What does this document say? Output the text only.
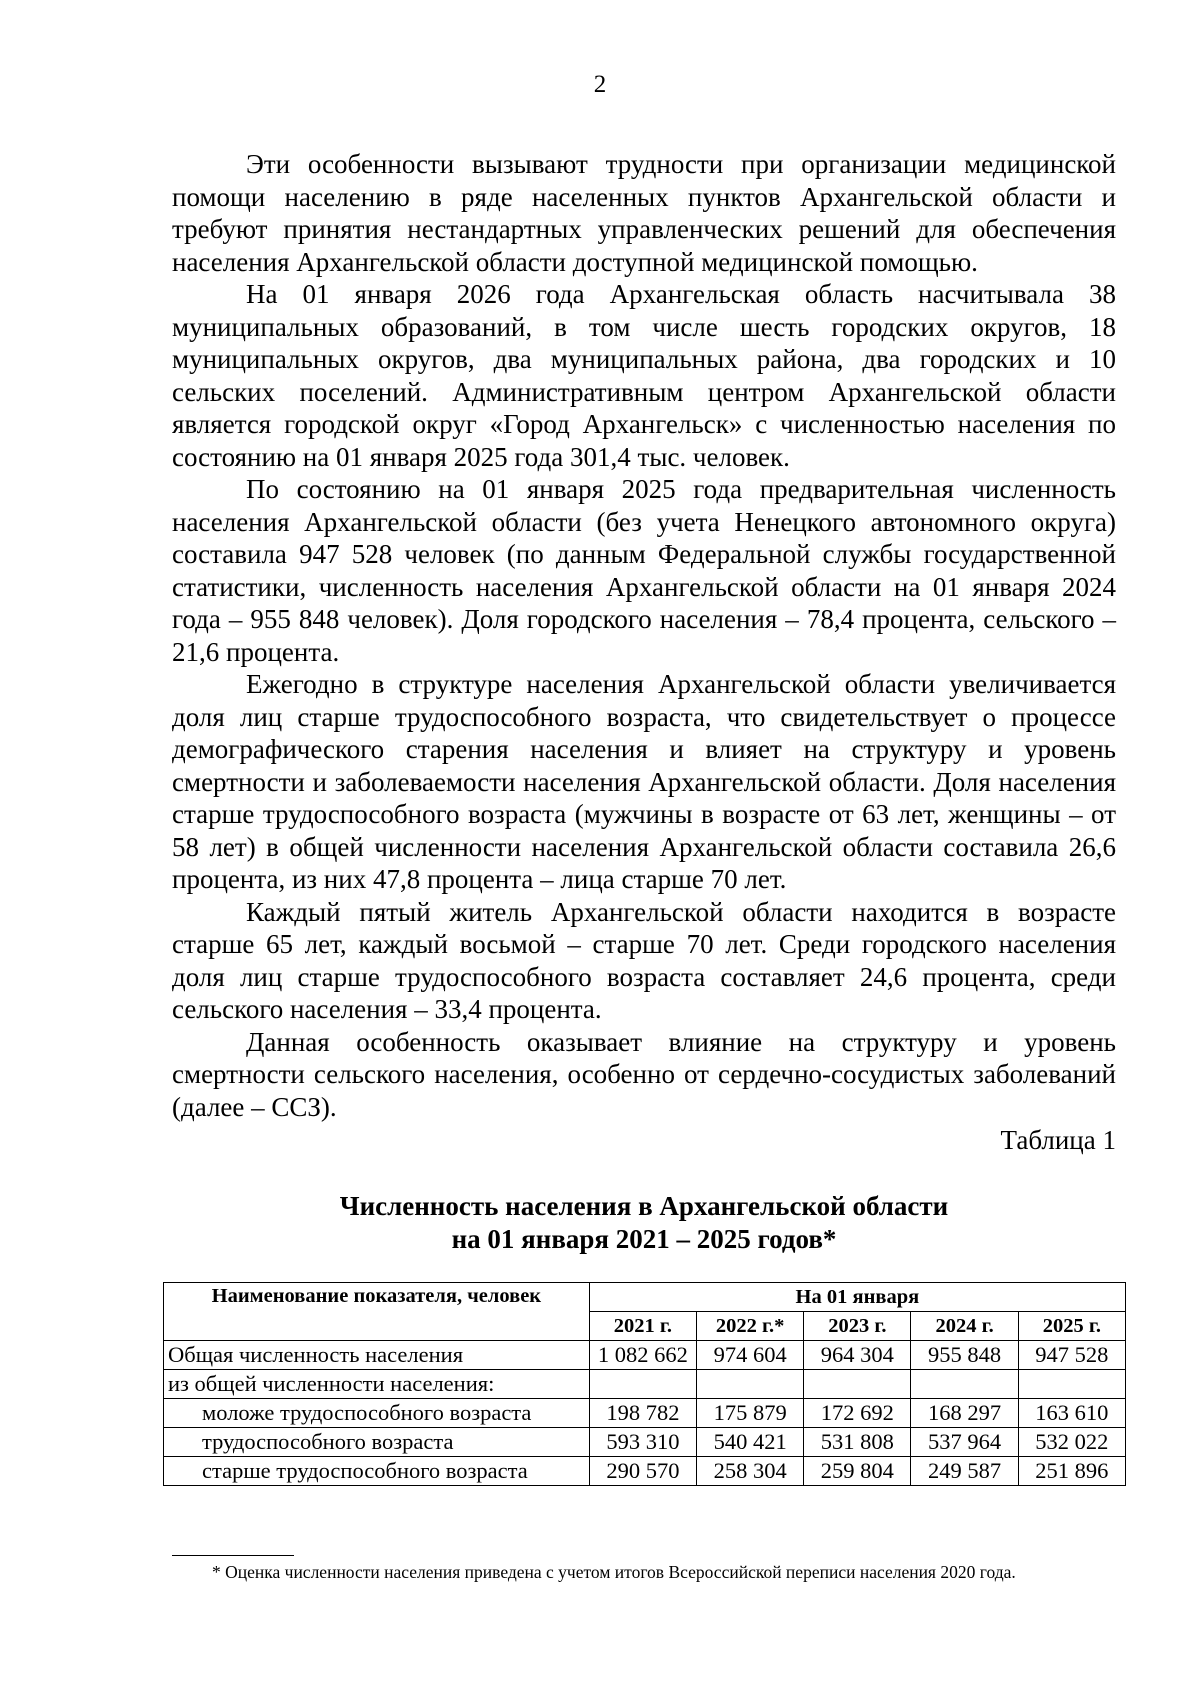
2

Эти особенности вызывают трудности при организации медицинской помощи населению в ряде населенных пунктов Архангельской области и требуют принятия нестандартных управленческих решений для обеспечения населения Архангельской области доступной медицинской помощью.

На 01 января 2026 года Архангельская область насчитывала 38 муниципальных образований, в том числе шесть городских округов, 18 муниципальных округов, два муниципальных района, два городских и 10 сельских поселений. Административным центром Архангельской области является городской округ «Город Архангельск» с численностью населения по состоянию на 01 января 2025 года 301,4 тыс. человек.

По состоянию на 01 января 2025 года предварительная численность населения Архангельской области (без учета Ненецкого автономного округа) составила 947 528 человек (по данным Федеральной службы государственной статистики, численность населения Архангельской области на 01 января 2024 года – 955 848 человек). Доля городского населения – 78,4 процента, сельского – 21,6 процента.

Ежегодно в структуре населения Архангельской области увеличивается доля лиц старше трудоспособного возраста, что свидетельствует о процессе демографического старения населения и влияет на структуру и уровень смертности и заболеваемости населения Архангельской области. Доля населения старше трудоспособного возраста (мужчины в возрасте от 63 лет, женщины – от 58 лет) в общей численности населения Архангельской области составила 26,6 процента, из них 47,8 процента – лица старше 70 лет.

Каждый пятый житель Архангельской области находится в возрасте старше 65 лет, каждый восьмой – старше 70 лет. Среди городского населения доля лиц старше трудоспособного возраста составляет 24,6 процента, среди сельского населения – 33,4 процента.

Данная особенность оказывает влияние на структуру и уровень смертности сельского населения, особенно от сердечно-сосудистых заболеваний (далее – ССЗ).

Таблица 1
Численность населения в Архангельской области
на 01 января 2021 – 2025 годов*
Наименование показателя, человек	На 01 января				
	2021 г.	2022 г.*	2023 г.	2024 г.	2025 г.
Общая численность населения	1 082 662	974 604	964 304	955 848	947 528
из общей численности населения:					
моложе трудоспособного возраста	198 782	175 879	172 692	168 297	163 610
трудоспособного возраста	593 310	540 421	531 808	537 964	532 022
старше трудоспособного возраста	290 570	258 304	259 804	249 587	251 896
* Оценка численности населения приведена с учетом итогов Всероссийской переписи населения 2020 года.
